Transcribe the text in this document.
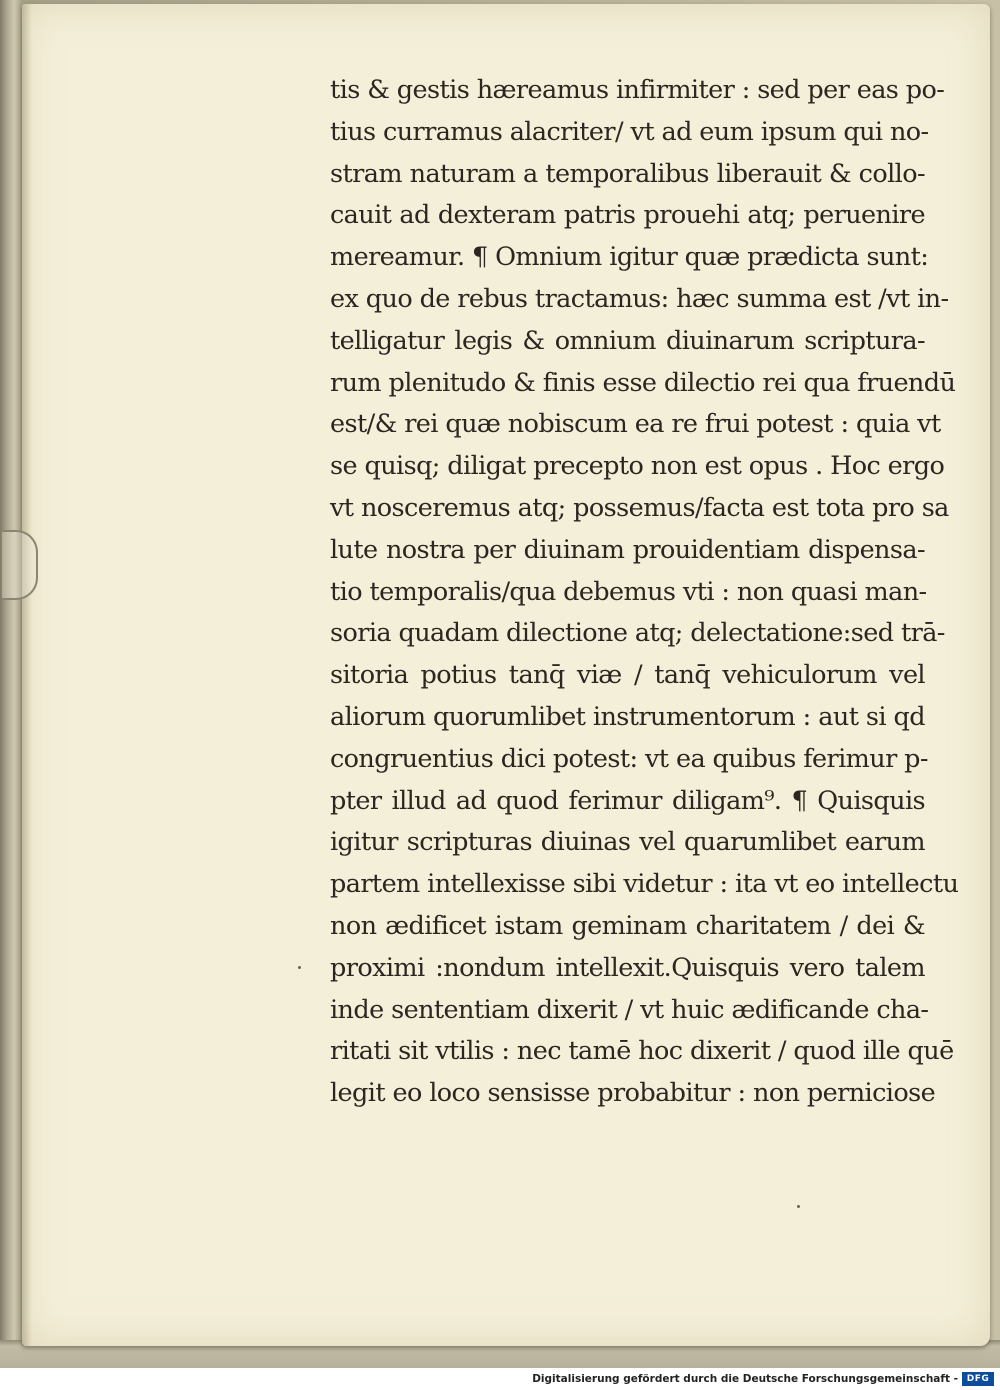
tis & gestis hæreamus infirmiter : sed per eas po-
tius curramus alacriter/ vt ad eum ipsum qui no-
stram naturam a temporalibus liberauit & collo-
cauit ad dexteram patris prouehi atq; peruenire
mereamur. ¶ Omnium igitur quæ prædicta sunt:
ex quo de rebus tractamus: hæc summa est /vt in-
telligatur legis & omnium diuinarum scriptura-
rum plenitudo & finis esse dilectio rei qua fruendū
est/& rei quæ nobiscum ea re frui potest : quia vt
se quisq; diligat precepto non est opus . Hoc ergo
vt nosceremus atq; possemus/facta est tota pro sa
lute nostra per diuinam prouidentiam dispensa-
tio temporalis/qua debemus vti : non quasi man-
soria quadam dilectione atq; delectatione:sed trā-
sitoria potius tanq̄ viæ / tanq̄ vehiculorum vel
aliorum quorumlibet instrumentorum : aut si qd
congruentius dici potest: vt ea quibus ferimur p-
pter illud ad quod ferimur diligam⁹. ¶ Quisquis
igitur scripturas diuinas vel quarumlibet earum
partem intellexisse sibi videtur : ita vt eo intellectu
non ædificet istam geminam charitatem / dei &
proximi :nondum intellexit.Quisquis vero talem
inde sententiam dixerit / vt huic ædificande cha-
ritati sit vtilis : nec tamē hoc dixerit / quod ille quē
legit eo loco sensisse probabitur : non perniciose
Digitalisierung gefördert durch die Deutsche Forschungsgemeinschaft - DFG
